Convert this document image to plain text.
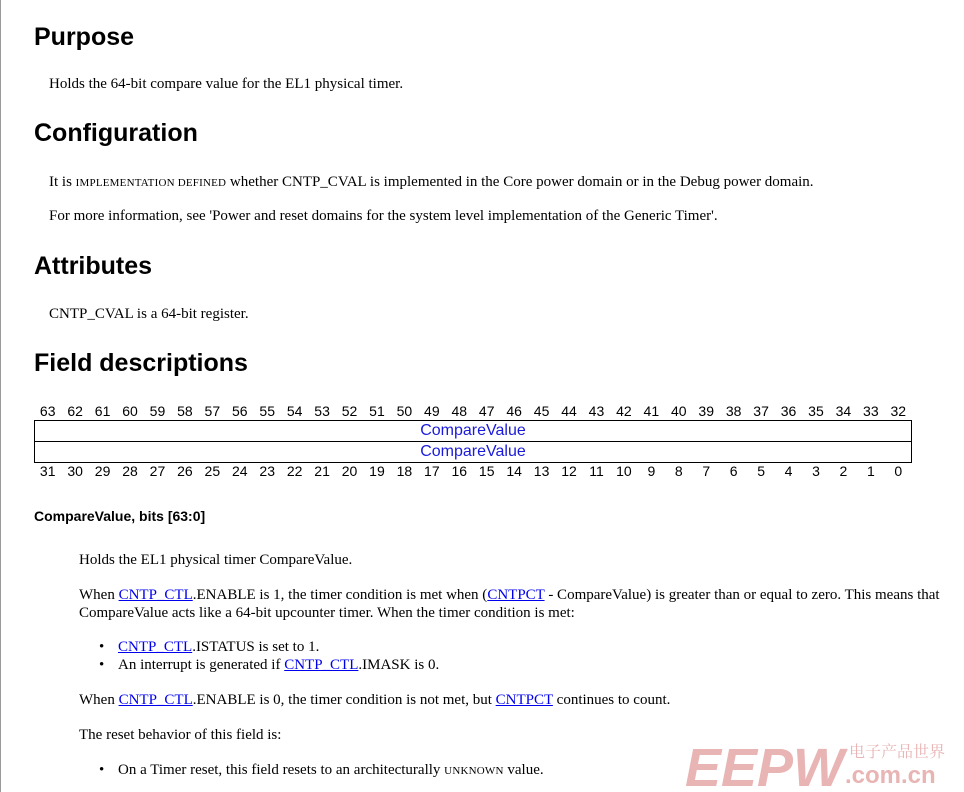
Purpose

Holds the 64-bit compare value for the EL1 physical timer.

Configuration

It is IMPLEMENTATION DEFINED whether CNTP_CVAL is implemented in the Core power domain or in the Debug power domain.

For more information, see 'Power and reset domains for the system level implementation of the Generic Timer'.

Attributes

CNTP_CVAL is a 64-bit register.

Field descriptions
63 62 61 60 59 58 57 56 55 54 53 52 51 50 49 48 47 46 45 44 43 42 41 40 39 38 37 36 35 34 33 32
CompareValue
CompareValue
31 30 29 28 27 26 25 24 23 22 21 20 19 18 17 16 15 14 13 12 11 10 9 8 7 6 5 4 3 2 1 0
CompareValue, bits [63:0]

Holds the EL1 physical timer CompareValue.

When CNTP_CTL.ENABLE is 1, the timer condition is met when (CNTPCT - CompareValue) is greater than or equal to zero. This means that

CompareValue acts like a 64-bit upcounter timer. When the timer condition is met:

• CNTP_CTL.ISTATUS is set to 1.
• An interrupt is generated if CNTP_CTL.IMASK is 0.

When CNTP_CTL.ENABLE is 0, the timer condition is not met, but CNTPCT continues to count.

The reset behavior of this field is:

• On a Timer reset, this field resets to an architecturally UNKNOWN value.	EEPW 电子产品世界
.com.cn
